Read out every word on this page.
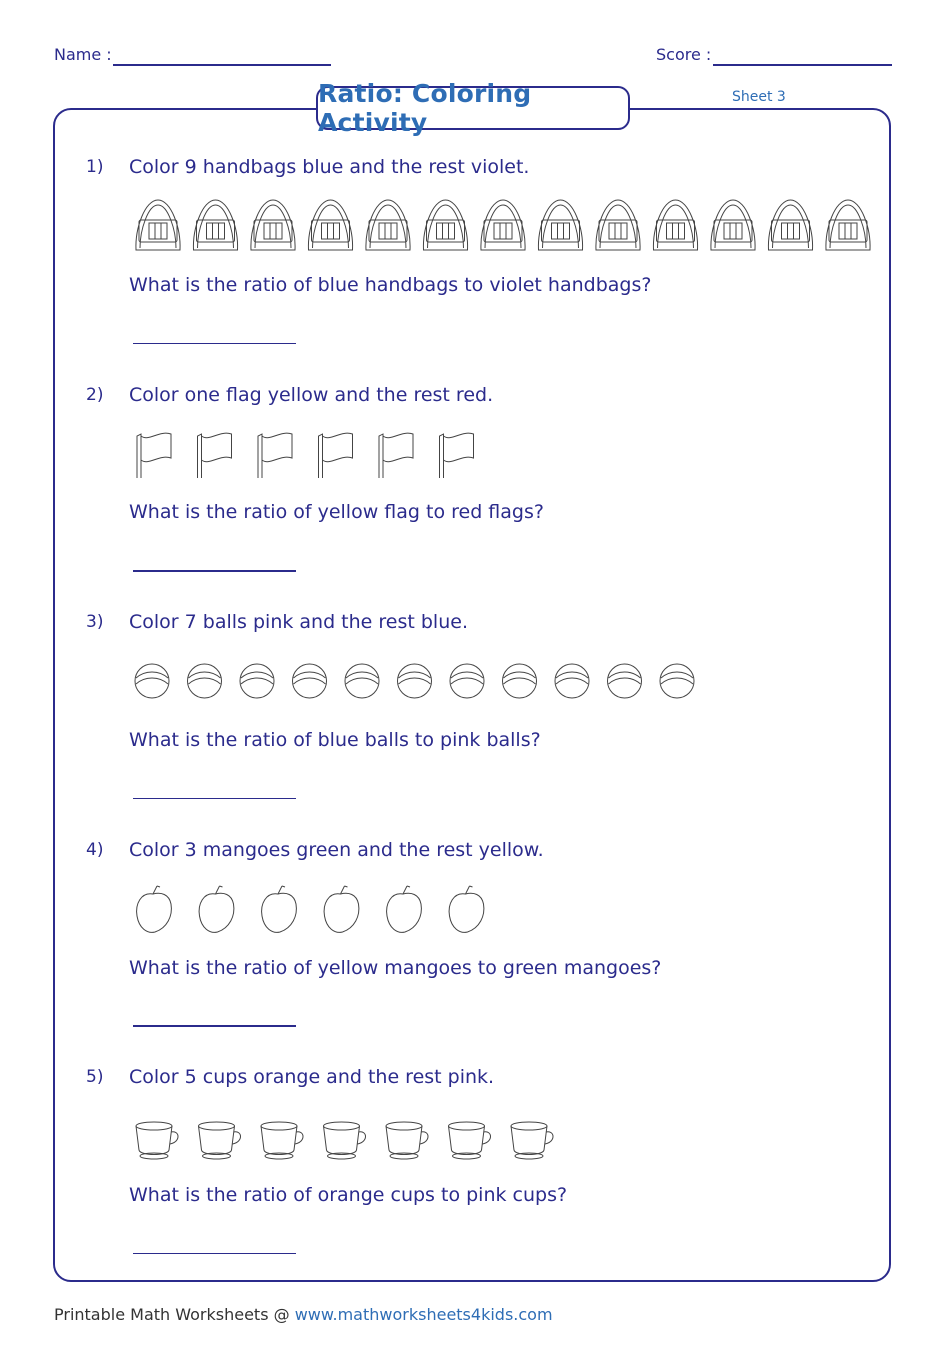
Name :	Score :
Ratio: Coloring Activity
Sheet 3
1) Color 9 handbags blue and the rest violet.
What is the ratio of blue handbags to violet handbags?
2) Color one flag yellow and the rest red.
What is the ratio of yellow flag to red flags?
3) Color 7 balls pink and the rest blue.
What is the ratio of blue balls to pink balls?
4) Color 3 mangoes green and the rest yellow.
What is the ratio of yellow mangoes to green mangoes?
5) Color 5 cups orange and the rest pink.
What is the ratio of orange cups to pink cups?
Printable Math Worksheets @ www.mathworksheets4kids.com
